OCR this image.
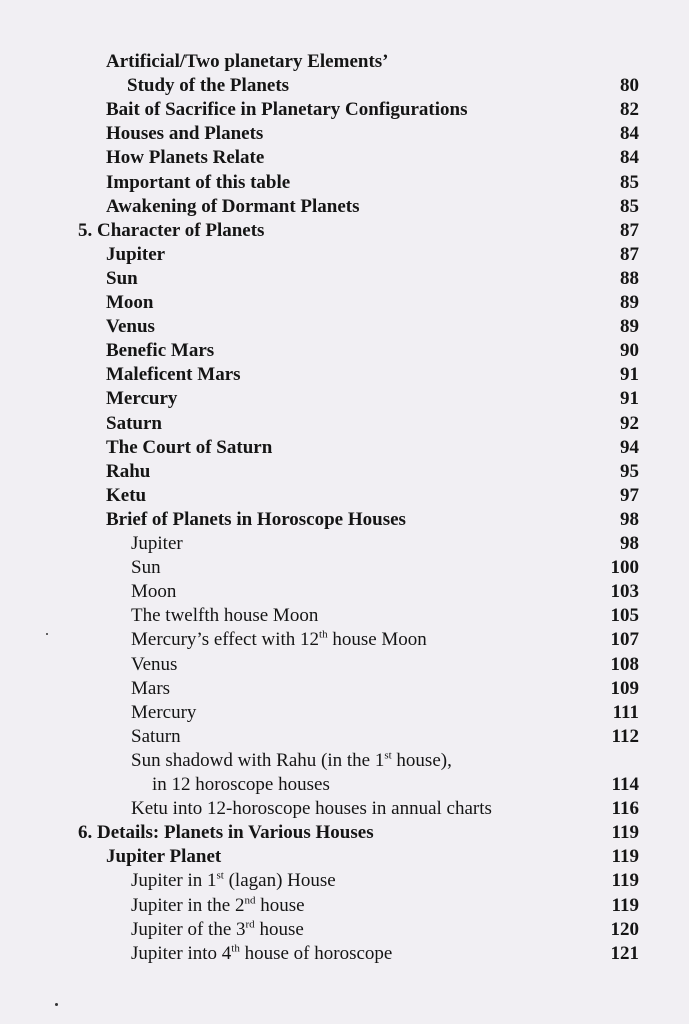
Artificial/Two planetary Elements’
Study of the Planets	80
Bait of Sacrifice in Planetary Configurations	82
Houses and Planets	84
How Planets Relate	84
Important of this table	85
Awakening of Dormant Planets	85
5. Character of Planets	87
Jupiter	87
Sun	88
Moon	89
Venus	89
Benefic Mars	90
Maleficent Mars	91
Mercury	91
Saturn	92
The Court of Saturn	94
Rahu	95
Ketu	97
Brief of Planets in Horoscope Houses	98
Jupiter	98
Sun	100
Moon	103
The twelfth house Moon	105
Mercury’s effect with 12th house Moon	107
Venus	108
Mars	109
Mercury	111
Saturn	112
Sun shadowd with Rahu (in the 1st house),
in 12 horoscope houses	114
Ketu into 12-horoscope houses in annual charts	116
6. Details: Planets in Various Houses	119
Jupiter Planet	119
Jupiter in 1st (lagan) House	119
Jupiter in the 2nd house	119
Jupiter of the 3rd house	120
Jupiter into 4th house of horoscope	121
